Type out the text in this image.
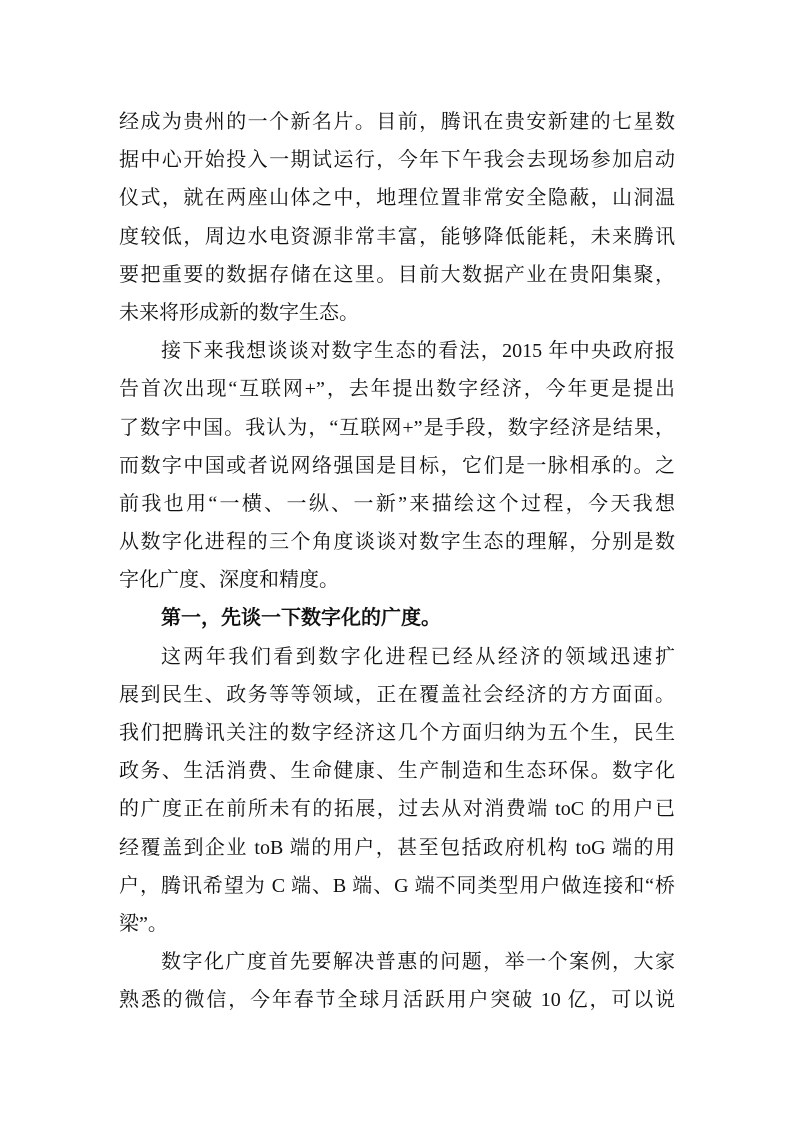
经成为贵州的一个新名片。目前，腾讯在贵安新建的七星数
据中心开始投入一期试运行，今年下午我会去现场参加启动
仪式，就在两座山体之中，地理位置非常安全隐蔽，山洞温
度较低，周边水电资源非常丰富，能够降低能耗，未来腾讯
要把重要的数据存储在这里。目前大数据产业在贵阳集聚，
未来将形成新的数字生态。
接下来我想谈谈对数字生态的看法，2015 年中央政府报
告首次出现“互联网+”，去年提出数字经济，今年更是提出
了数字中国。我认为，“互联网+”是手段，数字经济是结果，
而数字中国或者说网络强国是目标，它们是一脉相承的。之
前我也用“一横、一纵、一新”来描绘这个过程，今天我想
从数字化进程的三个角度谈谈对数字生态的理解，分别是数
字化广度、深度和精度。
第一，先谈一下数字化的广度。
这两年我们看到数字化进程已经从经济的领域迅速扩
展到民生、政务等等领域，正在覆盖社会经济的方方面面。
我们把腾讯关注的数字经济这几个方面归纳为五个生，民生
政务、生活消费、生命健康、生产制造和生态环保。数字化
的广度正在前所未有的拓展，过去从对消费端 toC 的用户已
经覆盖到企业 toB 端的用户，甚至包括政府机构 toG 端的用
户，腾讯希望为 C 端、B 端、G 端不同类型用户做连接和“桥
梁”。
数字化广度首先要解决普惠的问题，举一个案例，大家
熟悉的微信，今年春节全球月活跃用户突破 10 亿，可以说
